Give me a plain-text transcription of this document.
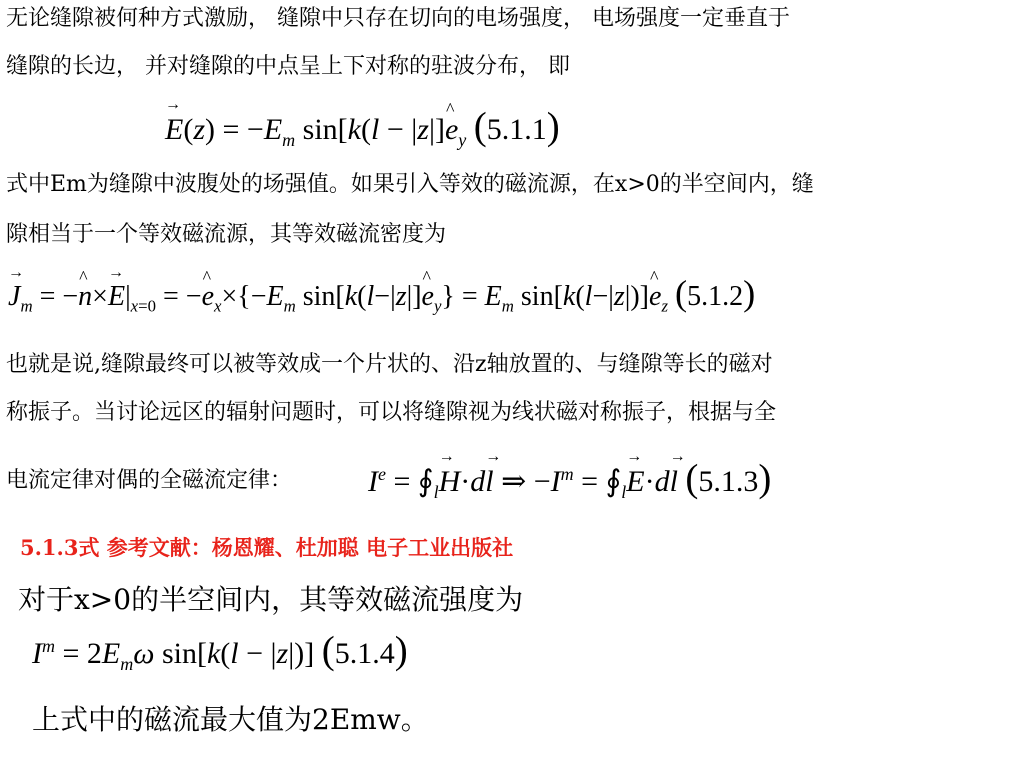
无论缝隙被何种方式激励， 缝隙中只存在切向的电场强度， 电场强度一定垂直于
缝隙的长边， 并对缝隙的中点呈上下对称的驻波分布， 即
→ $E(z) = -E_m$ sin[k(l − |z|]^ $e_y$ (5.1.1)
式中Em为缝隙中波腹处的场强值。如果引入等效的磁流源，在x>0的半空间内，缝
隙相当于一个等效磁流源，其等效磁流密度为
→ $J_m$ = −^ $n\times\to E|_{x=0}$ = −^ $e_x\times\{-E_m$ sin[k(l−|z|]^ $e_y\} = E_m$ sin[k(l−|z|)]^ $e_z$ (5.1.2)
也就是说,缝隙最终可以被等效成一个片状的、沿z轴放置的、与缝隙等长的磁对
称振子。当讨论远区的辐射问题时，可以将缝隙视为线状磁对称振子，根据与全
电流定律对偶的全磁流定律：	$I^e$ = $∮_l\to H\cdot d\to l$ ⇒ $-I^m$ = $∮_l\to E\cdot d\to l$ (5.1.3)
5.1.3式 参考文献：杨恩耀、杜加聪 电子工业出版社
对于x>0的半空间内，其等效磁流强度为
$I^m = 2E_m\omega$ sin[k(l − |z|)] (5.1.4)
上式中的磁流最大值为2Emw。
